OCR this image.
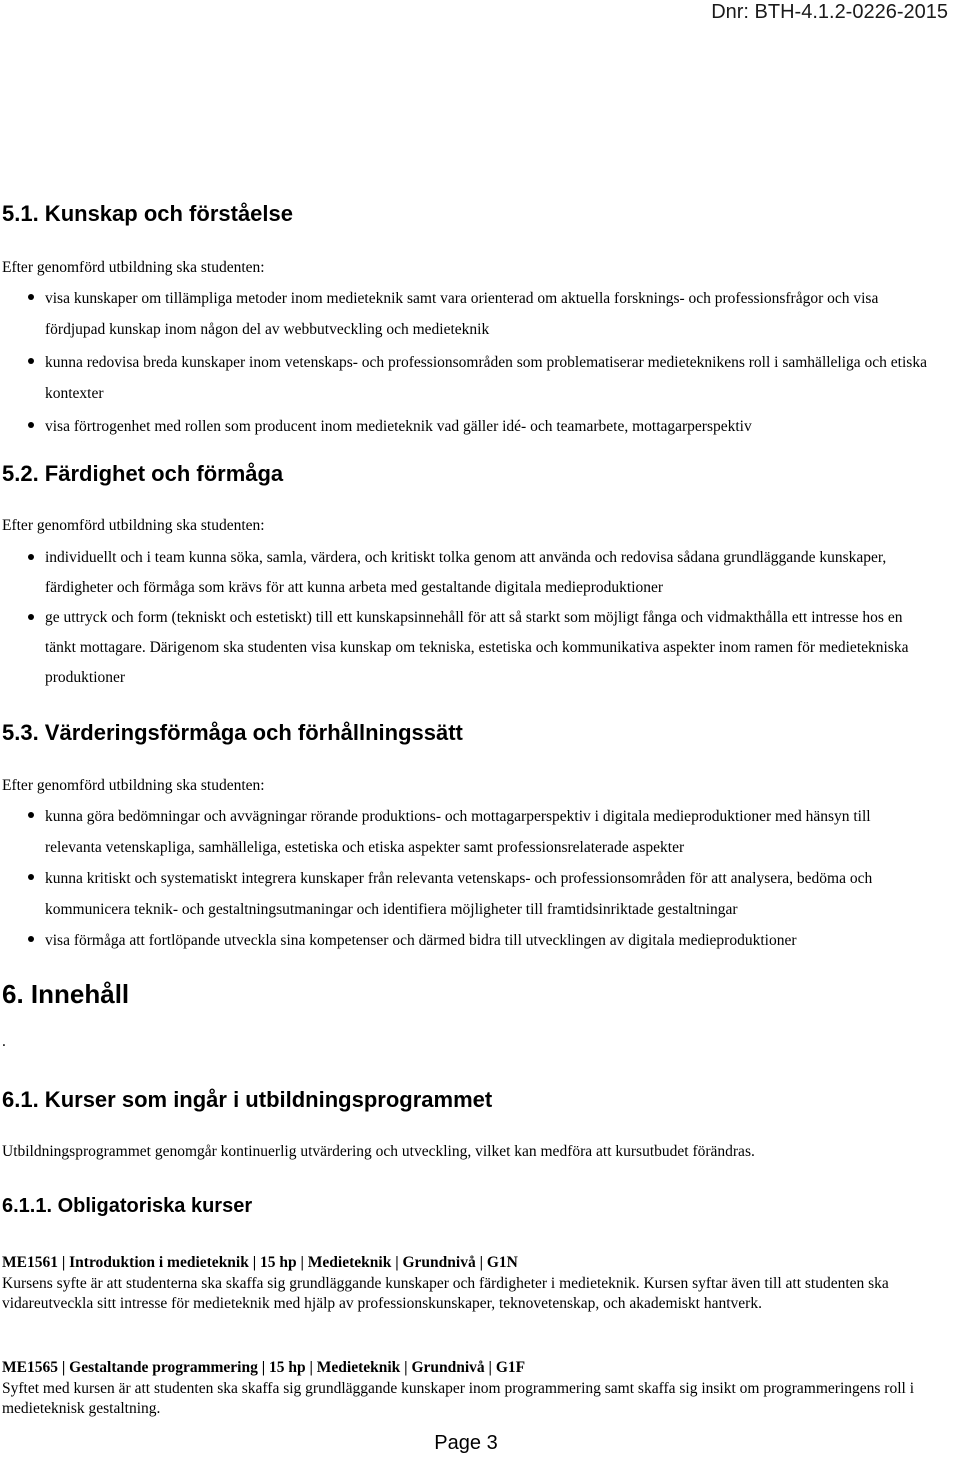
Dnr: BTH-4.1.2-0226-2015
5.1. Kunskap och förståelse
Efter genomförd utbildning ska studenten:
visa kunskaper om tillämpliga metoder inom medieteknik samt vara orienterad om aktuella forsknings- och professionsfrågor och visa fördjupad kunskap inom någon del av webbutveckling och medieteknik
kunna redovisa breda kunskaper inom vetenskaps- och professionsområden som problematiserar medieteknikens roll i samhälleliga och etiska kontexter
visa förtrogenhet med rollen som producent inom medieteknik vad gäller idé- och teamarbete, mottagarperspektiv
5.2. Färdighet och förmåga
Efter genomförd utbildning ska studenten:
individuellt och i team kunna söka, samla, värdera, och kritiskt tolka genom att använda och redovisa sådana grundläggande kunskaper, färdigheter och förmåga som krävs för att kunna arbeta med gestaltande digitala medieproduktioner
ge uttryck och form (tekniskt och estetiskt) till ett kunskapsinnehåll för att så starkt som möjligt fånga och vidmakthålla ett intresse hos en tänkt mottagare. Därigenom ska studenten visa kunskap om tekniska, estetiska och kommunikativa aspekter inom ramen för medietekniska produktioner
5.3. Värderingsförmåga och förhållningssätt
Efter genomförd utbildning ska studenten:
kunna göra bedömningar och avvägningar rörande produktions- och mottagarperspektiv i digitala medieproduktioner med hänsyn till relevanta vetenskapliga, samhälleliga, estetiska och etiska aspekter samt professionsrelaterade aspekter
kunna kritiskt och systematiskt integrera kunskaper från relevanta vetenskaps- och professionsområden för att analysera, bedöma och kommunicera teknik- och gestaltningsutmaningar och identifiera möjligheter till framtidsinriktade gestaltningar
visa förmåga att fortlöpande utveckla sina kompetenser och därmed bidra till utvecklingen av digitala medieproduktioner
6. Innehåll
.
6.1. Kurser som ingår i utbildningsprogrammet
Utbildningsprogrammet genomgår kontinuerlig utvärdering och utveckling, vilket kan medföra att kursutbudet förändras.
6.1.1. Obligatoriska kurser
ME1561 | Introduktion i medieteknik | 15 hp | Medieteknik | Grundnivå | G1N
Kursens syfte är att studenterna ska skaffa sig grundläggande kunskaper och färdigheter i medieteknik. Kursen syftar även till att studenten ska vidareutveckla sitt intresse för medieteknik med hjälp av professionskunskaper, teknovetenskap, och akademiskt hantverk.
ME1565 | Gestaltande programmering | 15 hp | Medieteknik | Grundnivå | G1F
Syftet med kursen är att studenten ska skaffa sig grundläggande kunskaper inom programmering samt skaffa sig insikt om programmeringens roll i medieteknisk gestaltning.
Page 3
